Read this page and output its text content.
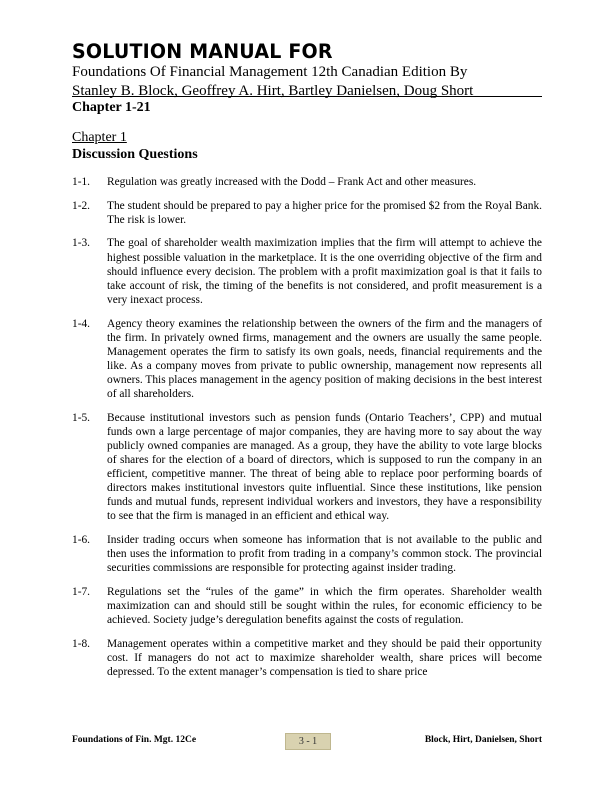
SOLUTION MANUAL FOR
Foundations Of Financial Management 12th Canadian Edition By
Stanley B. Block, Geoffrey A. Hirt, Bartley Danielsen, Doug Short
Chapter 1-21
Chapter 1
Discussion Questions
1-1.	Regulation was greatly increased with the Dodd – Frank Act and other measures.
1-2.	The student should be prepared to pay a higher price for the promised $2 from the Royal Bank. The risk is lower.
1-3.	The goal of shareholder wealth maximization implies that the firm will attempt to achieve the highest possible valuation in the marketplace. It is the one overriding objective of the firm and should influence every decision. The problem with a profit maximization goal is that it fails to take account of risk, the timing of the benefits is not considered, and profit measurement is a very inexact process.
1-4.	Agency theory examines the relationship between the owners of the firm and the managers of the firm. In privately owned firms, management and the owners are usually the same people. Management operates the firm to satisfy its own goals, needs, financial requirements and the like. As a company moves from private to public ownership, management now represents all owners. This places management in the agency position of making decisions in the best interest of all shareholders.
1-5.	Because institutional investors such as pension funds (Ontario Teachers’, CPP) and mutual funds own a large percentage of major companies, they are having more to say about the way publicly owned companies are managed. As a group, they have the ability to vote large blocks of shares for the election of a board of directors, which is supposed to run the company in an efficient, competitive manner. The threat of being able to replace poor performing boards of directors makes institutional investors quite influential. Since these institutions, like pension funds and mutual funds, represent individual workers and investors, they have a responsibility to see that the firm is managed in an efficient and ethical way.
1-6.	Insider trading occurs when someone has information that is not available to the public and then uses the information to profit from trading in a company’s common stock. The provincial securities commissions are responsible for protecting against insider trading.
1-7.	Regulations set the “rules of the game” in which the firm operates. Shareholder wealth maximization can and should still be sought within the rules, for economic efficiency to be achieved. Society judge’s deregulation benefits against the costs of regulation.
1-8.	Management operates within a competitive market and they should be paid their opportunity cost. If managers do not act to maximize shareholder wealth, share prices will become depressed. To the extent manager’s compensation is tied to share price
Foundations of Fin. Mgt. 12Ce	3 - 1	Block, Hirt, Danielsen, Short
